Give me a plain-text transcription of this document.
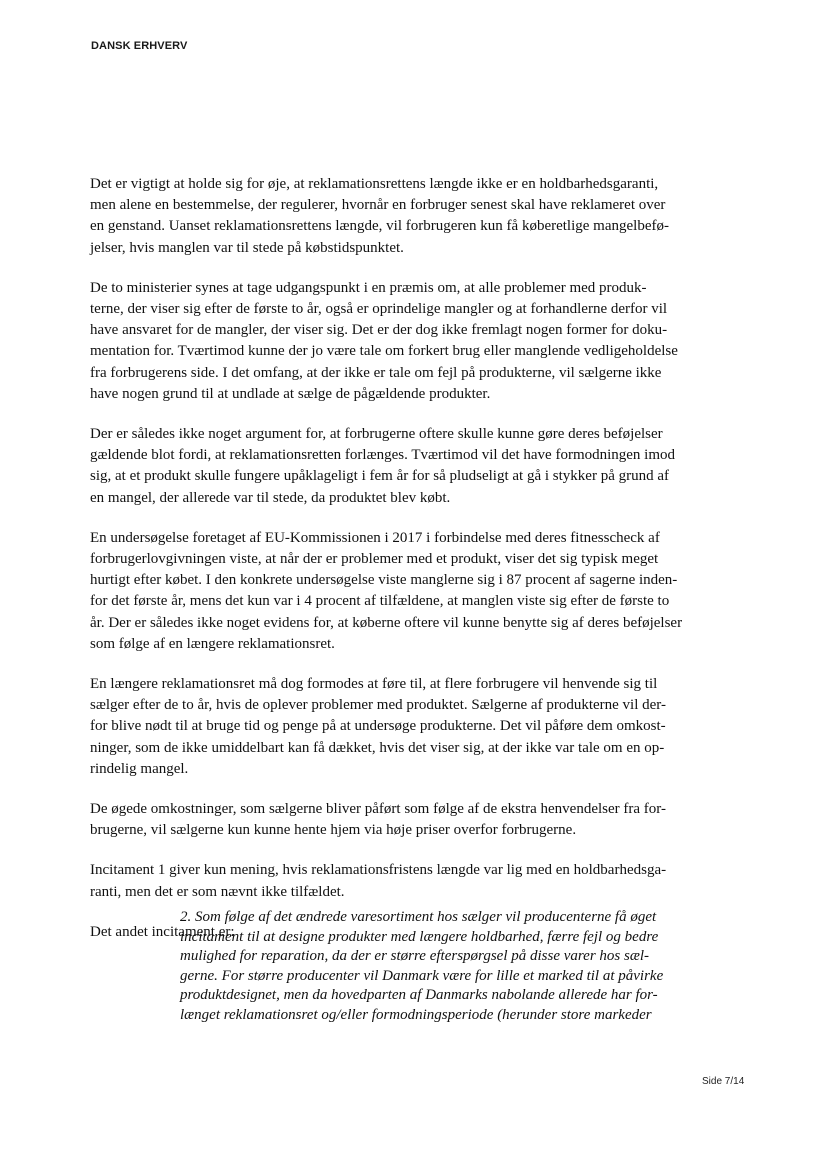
DANSK ERHVERV

Det er vigtigt at holde sig for øje, at reklamationsrettens længde ikke er en holdbarhedsgaranti,
men alene en bestemmelse, der regulerer, hvornår en forbruger senest skal have reklameret over
en genstand. Uanset reklamationsrettens længde, vil forbrugeren kun få køberetlige mangelbefø-
jelser, hvis manglen var til stede på købstidspunktet.

De to ministerier synes at tage udgangspunkt i en præmis om, at alle problemer med produk-
terne, der viser sig efter de første to år, også er oprindelige mangler og at forhandlerne derfor vil
have ansvaret for de mangler, der viser sig. Det er der dog ikke fremlagt nogen former for doku-
mentation for. Tværtimod kunne der jo være tale om forkert brug eller manglende vedligeholdelse
fra forbrugerens side. I det omfang, at der ikke er tale om fejl på produkterne, vil sælgerne ikke
have nogen grund til at undlade at sælge de pågældende produkter.

Der er således ikke noget argument for, at forbrugerne oftere skulle kunne gøre deres beføjelser
gældende blot fordi, at reklamationsretten forlænges. Tværtimod vil det have formodningen imod
sig, at et produkt skulle fungere upåklageligt i fem år for så pludseligt at gå i stykker på grund af
en mangel, der allerede var til stede, da produktet blev købt.

En undersøgelse foretaget af EU-Kommissionen i 2017 i forbindelse med deres fitnesscheck af
forbrugerlovgivningen viste, at når der er problemer med et produkt, viser det sig typisk meget
hurtigt efter købet. I den konkrete undersøgelse viste manglerne sig i 87 procent af sagerne inden-
for det første år, mens det kun var i 4 procent af tilfældene, at manglen viste sig efter de første to
år. Der er således ikke noget evidens for, at køberne oftere vil kunne benytte sig af deres beføjelser
som følge af en længere reklamationsret.

En længere reklamationsret må dog formodes at føre til, at flere forbrugere vil henvende sig til
sælger efter de to år, hvis de oplever problemer med produktet. Sælgerne af produkterne vil der-
for blive nødt til at bruge tid og penge på at undersøge produkterne. Det vil påføre dem omkost-
ninger, som de ikke umiddelbart kan få dækket, hvis det viser sig, at der ikke var tale om en op-
rindelig mangel.

De øgede omkostninger, som sælgerne bliver påført som følge af de ekstra henvendelser fra for-
brugerne, vil sælgerne kun kunne hente hjem via høje priser overfor forbrugerne.

Incitament 1 giver kun mening, hvis reklamationsfristens længde var lig med en holdbarhedsga-
ranti, men det er som nævnt ikke tilfældet.

Det andet incitament er:

2. Som følge af det ændrede varesortiment hos sælger vil producenterne få øget
incitament til at designe produkter med længere holdbarhed, færre fejl og bedre
mulighed for reparation, da der er større efterspørgsel på disse varer hos sæl-
gerne. For større producenter vil Danmark være for lille et marked til at påvirke
produktdesignet, men da hovedparten af Danmarks nabolande allerede har for-
længet reklamationsret og/eller formodningsperiode (herunder store markeder
Side 7/14
